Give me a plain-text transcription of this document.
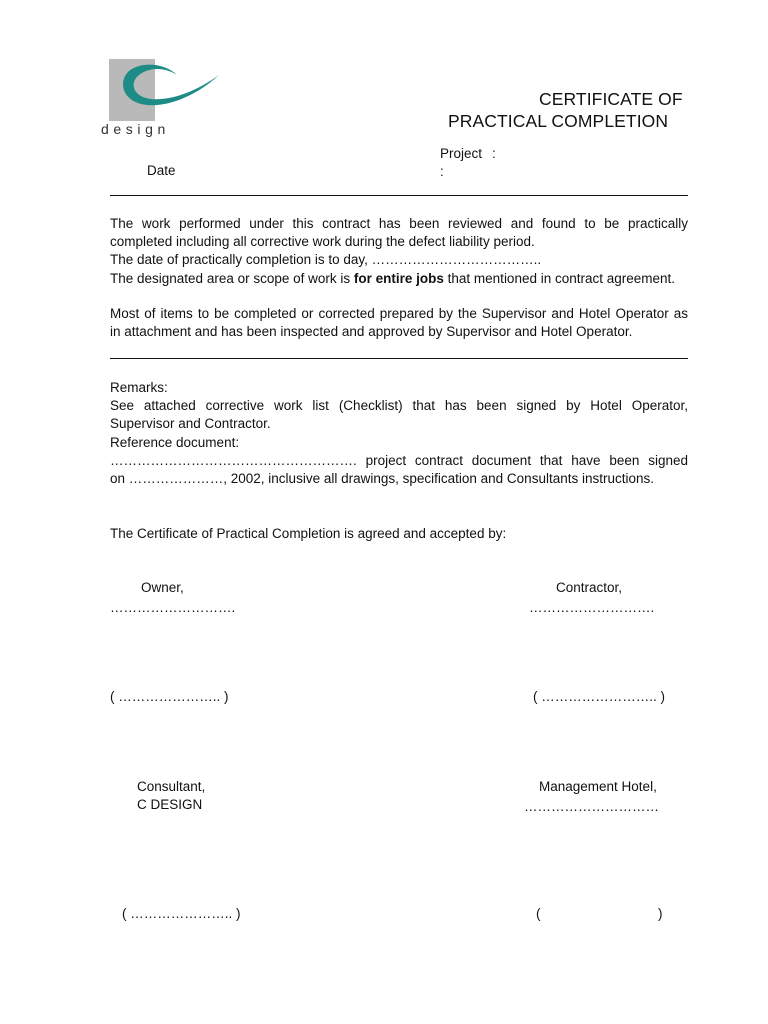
design
CERTIFICATE OF
PRACTICAL COMPLETION
Project :
Date	:
The work performed under this contract has been reviewed and found to be practically
completed including all corrective work during the defect liability period.
The date of practically completion is to day, ………………………………..
The designated area or scope of work is for entire jobs that mentioned in contract agreement.
Most of items to be completed or corrected prepared by the Supervisor and Hotel Operator as
in attachment and has been inspected and approved by Supervisor and Hotel Operator.
Remarks:
See attached corrective work list (Checklist) that has been signed by Hotel Operator,
Supervisor and Contractor.
Reference document:
………………………………………………. project contract document that have been signed
on …………………, 2002, inclusive all drawings, specification and Consultants instructions.
The Certificate of Practical Completion is agreed and accepted by:
Owner,
……………………….
( ………………….. )
Contractor,
……………………….
( …………………….. )
Consultant,
C DESIGN
( ………………….. )
Management Hotel,
…………………………
(	)
